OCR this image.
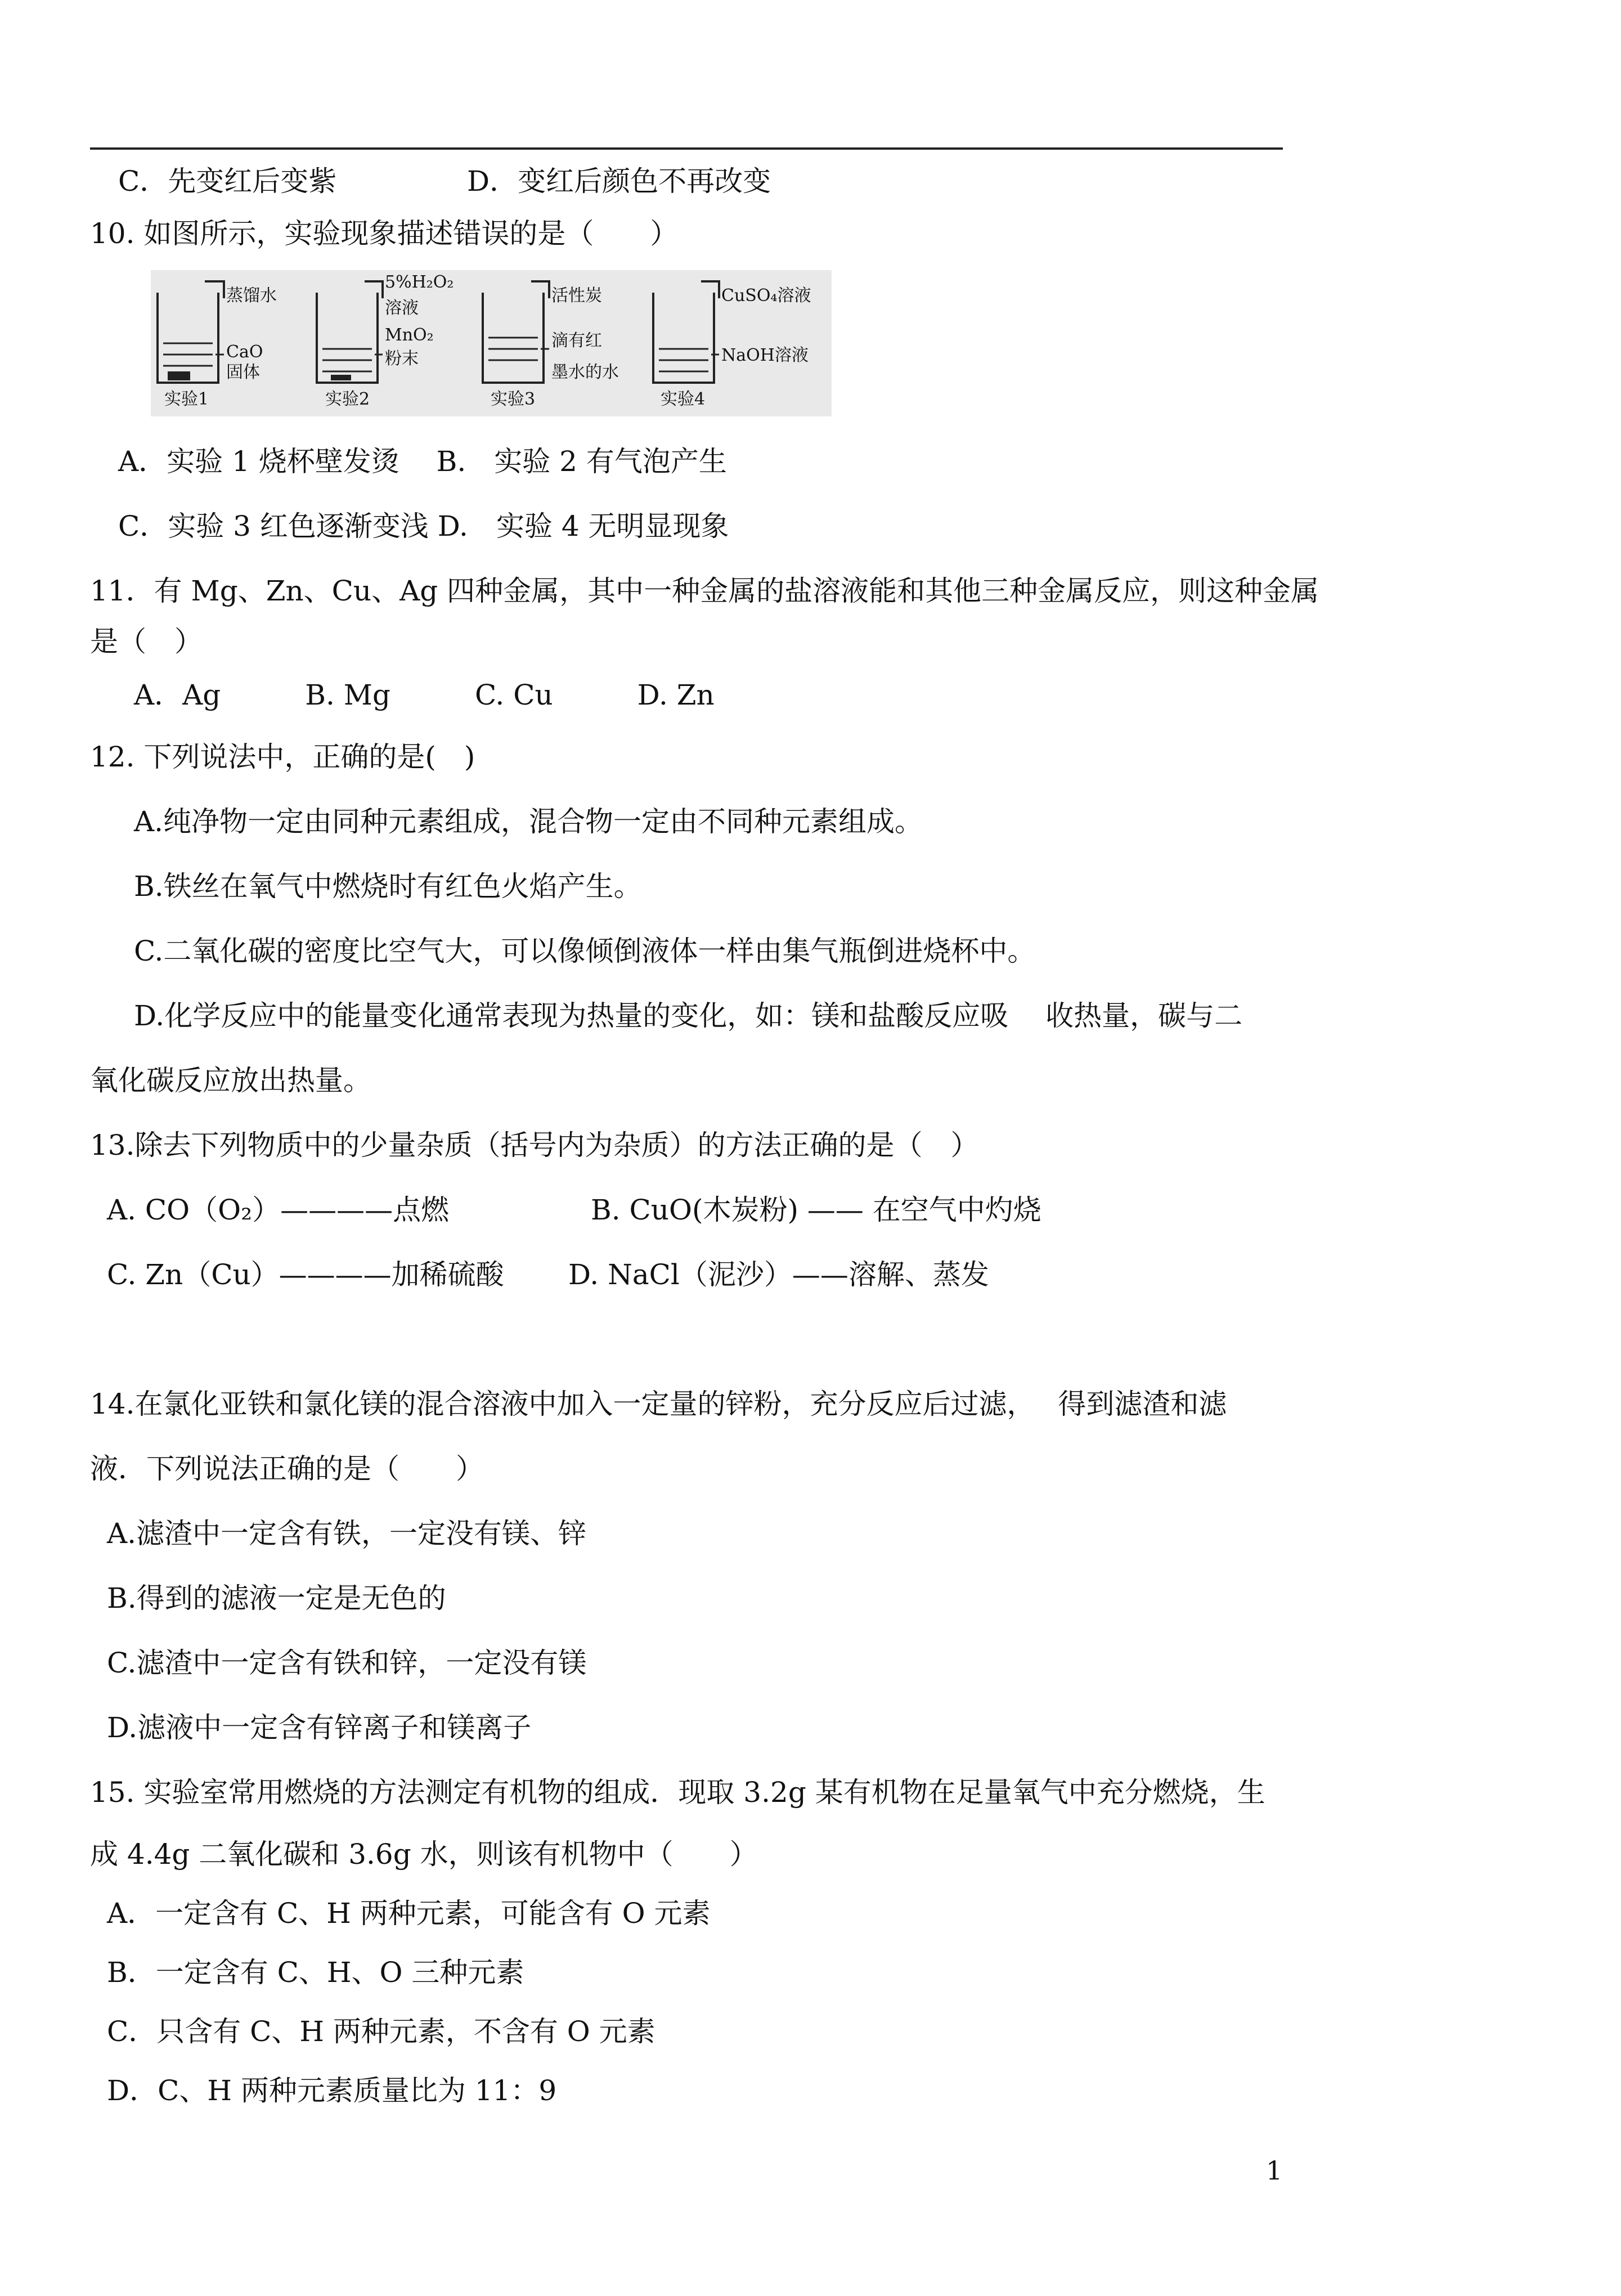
C．先变红后变紫	D．变红后颜色不再改变
10. 如图所示，实验现象描述错误的是（　　）
蒸馏水
CaO
固体
实验1
5%H₂O₂
溶液
MnO₂
粉末
实验2
活性炭
滴有红
墨水的水
实验3
CuSO₄溶液
NaOH溶液
实验4
A．实验 1 烧杯壁发烫　 B.　实验 2 有气泡产生
C．实验 3 红色逐渐变浅 D.　实验 4 无明显现象
11．有 Mg、Zn、Cu、Ag 四种金属，其中一种金属的盐溶液能和其他三种金属反应，则这种金属
是（　）
A．Ag　　　B. Mg　　　C. Cu　　　D. Zn
12. 下列说法中，正确的是(　)
A.纯净物一定由同种元素组成，混合物一定由不同种元素组成。
B.铁丝在氧气中燃烧时有红色火焰产生。
C.二氧化碳的密度比空气大，可以像倾倒液体一样由集气瓶倒进烧杯中。
D.化学反应中的能量变化通常表现为热量的变化，如：镁和盐酸反应吸　 收热量，碳与二
氧化碳反应放出热量。
13.除去下列物质中的少量杂质（括号内为杂质）的方法正确的是（　）
A. CO（O₂）————点燃	B. CuO(木炭粉) —— 在空气中灼烧
C. Zn（Cu）————加稀硫酸 D. NaCl（泥沙）——溶解、蒸发
14.在氯化亚铁和氯化镁的混合溶液中加入一定量的锌粉，充分反应后过滤，　 得到滤渣和滤
液．下列说法正确的是（　　）
A.滤渣中一定含有铁，一定没有镁、锌
B.得到的滤液一定是无色的
C.滤渣中一定含有铁和锌，一定没有镁
D.滤液中一定含有锌离子和镁离子
15. 实验室常用燃烧的方法测定有机物的组成．现取 3.2g 某有机物在足量氧气中充分燃烧，生
成 4.4g 二氧化碳和 3.6g 水，则该有机物中（　　）
A．一定含有 C、H 两种元素，可能含有 O 元素
B．一定含有 C、H、O 三种元素
C．只含有 C、H 两种元素，不含有 O 元素
D．C、H 两种元素质量比为 11：9
1
